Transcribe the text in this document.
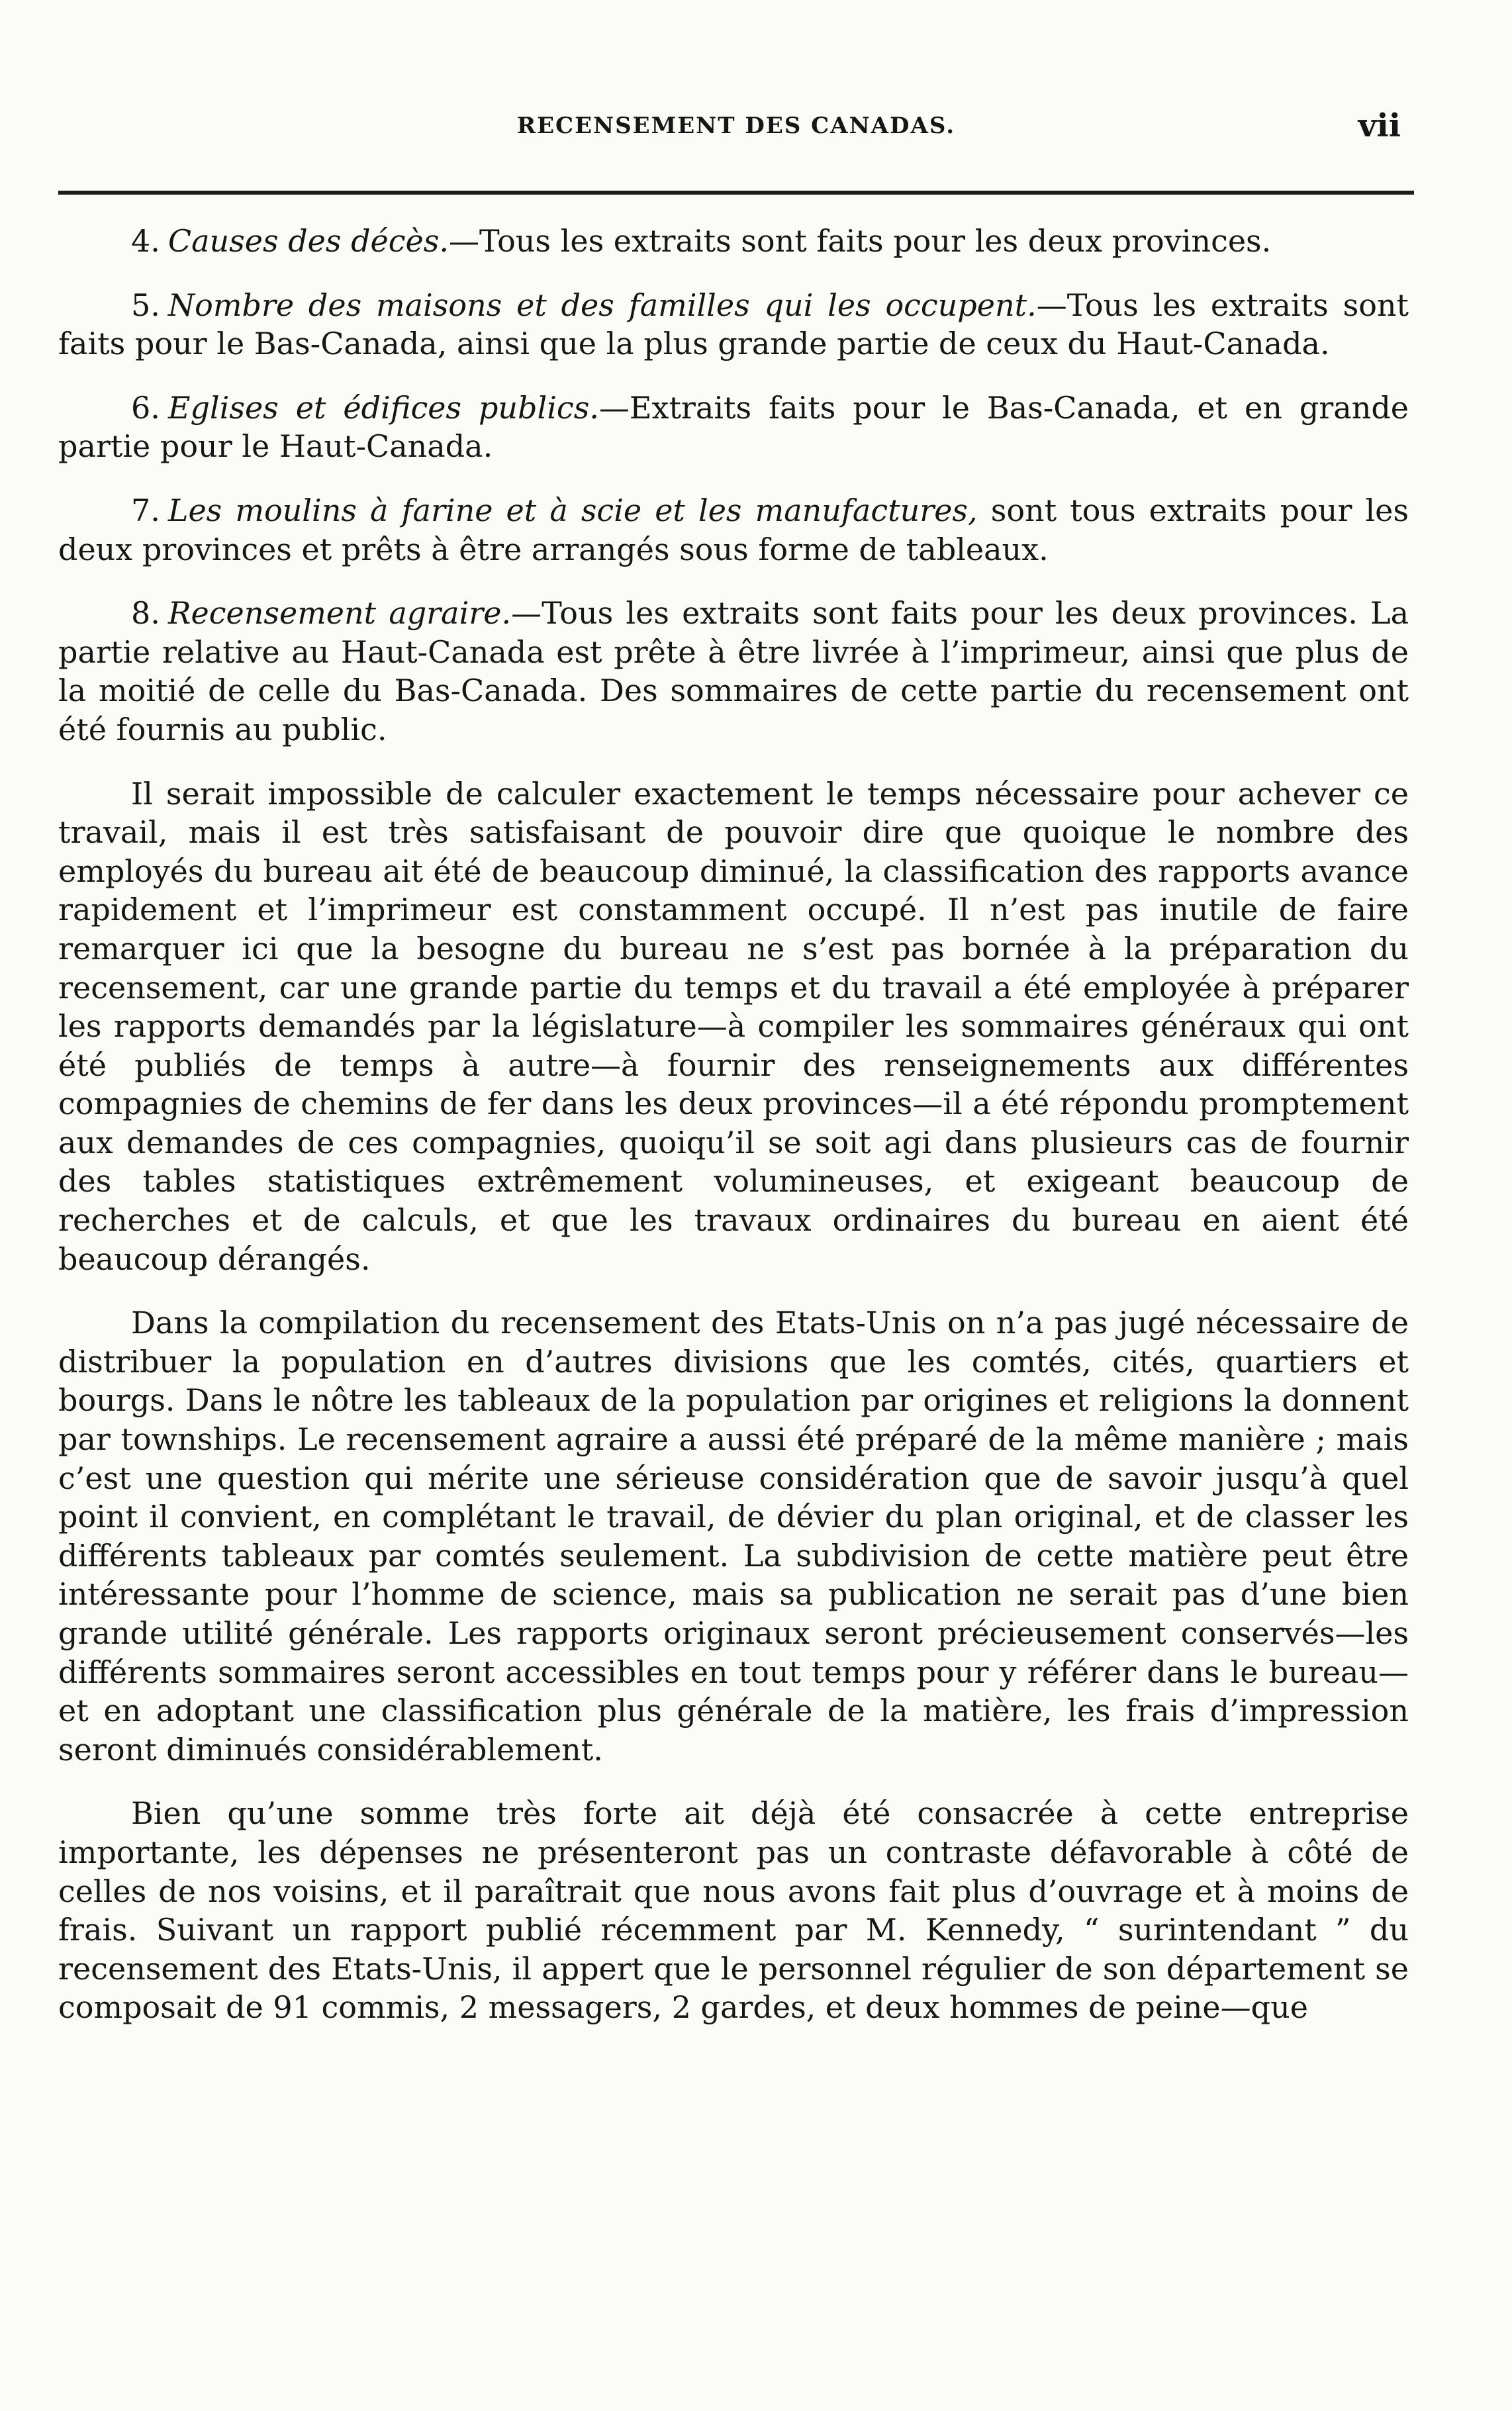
RECENSEMENT DES CANADAS.	vii

4. Causes des décès.—Tous les extraits sont faits pour les deux provinces.

5. Nombre des maisons et des familles qui les occupent.—Tous les extraits sont faits pour le Bas-Canada, ainsi que la plus grande partie de ceux du Haut-Canada.

6. Eglises et édifices publics.—Extraits faits pour le Bas-Canada, et en grande partie pour le Haut-Canada.

7. Les moulins à farine et à scie et les manufactures, sont tous extraits pour les deux provinces et prêts à être arrangés sous forme de tableaux.

8. Recensement agraire.—Tous les extraits sont faits pour les deux provinces. La partie relative au Haut-Canada est prête à être livrée à l’imprimeur, ainsi que plus de la moitié de celle du Bas-Canada. Des sommaires de cette partie du recensement ont été fournis au public.

Il serait impossible de calculer exactement le temps nécessaire pour achever ce travail, mais il est très satisfaisant de pouvoir dire que quoique le nombre des employés du bureau ait été de beaucoup diminué, la classification des rapports avance rapidement et l’imprimeur est constamment occupé. Il n’est pas inutile de faire remarquer ici que la besogne du bureau ne s’est pas bornée à la préparation du recensement, car une grande partie du temps et du travail a été employée à préparer les rapports demandés par la législature—à compiler les sommaires généraux qui ont été publiés de temps à autre—à fournir des renseignements aux différentes compagnies de chemins de fer dans les deux provinces—il a été répondu promptement aux demandes de ces compagnies, quoiqu’il se soit agi dans plusieurs cas de fournir des tables statistiques extrêmement volumineuses, et exigeant beaucoup de recherches et de calculs, et que les travaux ordinaires du bureau en aient été beaucoup dérangés.

Dans la compilation du recensement des Etats-Unis on n’a pas jugé nécessaire de distribuer la population en d’autres divisions que les comtés, cités, quartiers et bourgs. Dans le nôtre les tableaux de la population par origines et religions la donnent par townships. Le recensement agraire a aussi été préparé de la même manière ; mais c’est une question qui mérite une sérieuse considération que de savoir jusqu’à quel point il convient, en complétant le travail, de dévier du plan original, et de classer les différents tableaux par comtés seulement. La subdivision de cette matière peut être intéressante pour l’homme de science, mais sa publication ne serait pas d’une bien grande utilité générale. Les rapports originaux seront précieusement conservés—les différents sommaires seront accessibles en tout temps pour y référer dans le bureau—et en adoptant une classification plus générale de la matière, les frais d’impression seront diminués considérablement.

Bien qu’une somme très forte ait déjà été consacrée à cette entreprise importante, les dépenses ne présenteront pas un contraste défavorable à côté de celles de nos voisins, et il paraîtrait que nous avons fait plus d’ouvrage et à moins de frais. Suivant un rapport publié récemment par M. Kennedy, “ surintendant ” du recensement des Etats-Unis, il appert que le personnel régulier de son département se composait de 91 commis, 2 messagers, 2 gardes, et deux hommes de peine—que
